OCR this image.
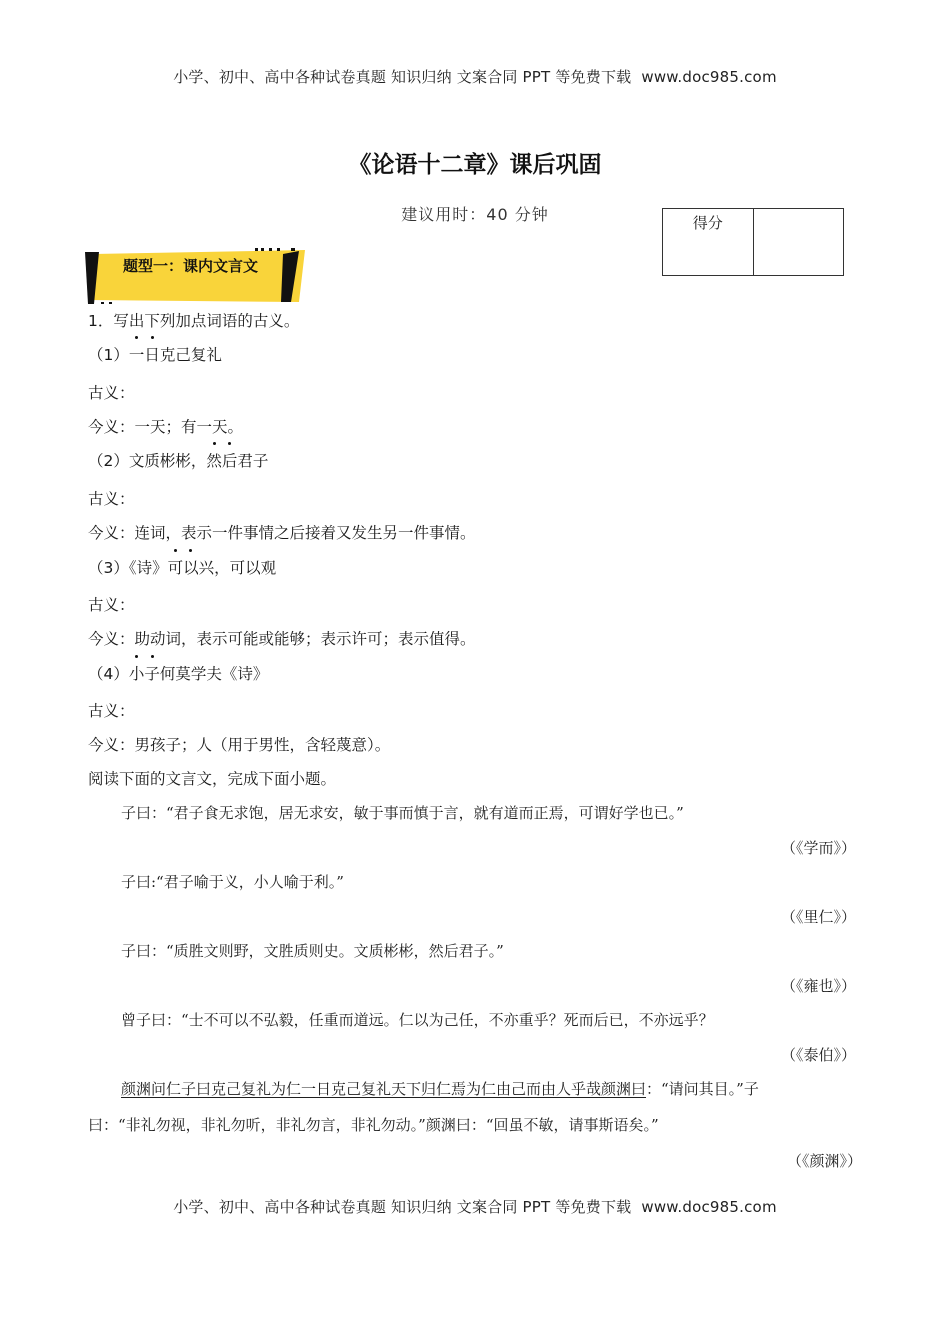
小学、初中、高中各种试卷真题 知识归纳 文案合同 PPT 等免费下载 www.doc985.com
《论语十二章》课后巩固
建议用时：40 分钟	得分
题型一：课内文言文
1．写出下列加点词语的古义。
（1）一日克己复礼
古义：
今义：一天；有一天。
（2）文质彬彬，然后君子
古义：
今义：连词，表示一件事情之后接着又发生另一件事情。
（3）《诗》可以兴，可以观
古义：
今义：助动词，表示可能或能够；表示许可；表示值得。
（4）小子何莫学夫《诗》
古义：
今义：男孩子；人（用于男性，含轻蔑意）。
阅读下面的文言文，完成下面小题。
子曰：“君子食无求饱，居无求安，敏于事而慎于言，就有道而正焉，可谓好学也已。”
（《学而》）
子曰:“君子喻于义，小人喻于利。”
（《里仁》）
子曰：“质胜文则野，文胜质则史。文质彬彬，然后君子。”
（《雍也》）
曾子曰：“士不可以不弘毅，任重而道远。仁以为己任，不亦重乎？死而后已，不亦远乎？
（《泰伯》）
颜渊问仁子曰克己复礼为仁一日克己复礼天下归仁焉为仁由己而由人乎哉颜渊曰：“请问其目。”子
曰：“非礼勿视，非礼勿听，非礼勿言，非礼勿动。”颜渊曰：“回虽不敏，请事斯语矣。”
（《颜渊》）
小学、初中、高中各种试卷真题 知识归纳 文案合同 PPT 等免费下载 www.doc985.com
